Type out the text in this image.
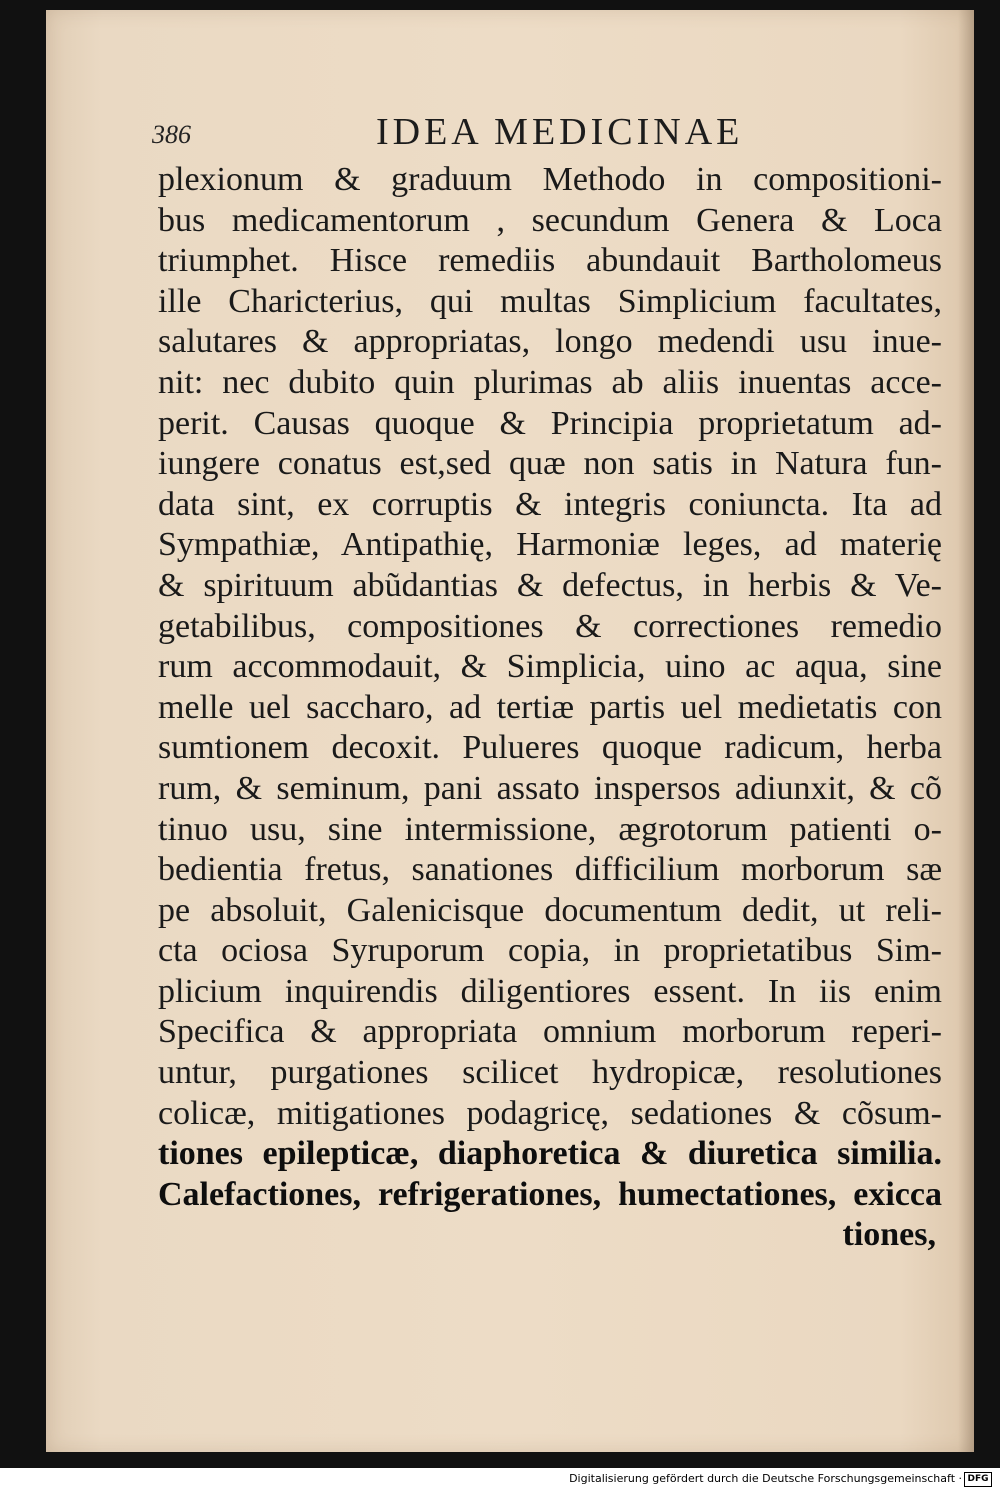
386	IDEA MEDICINAE
plexionum & graduum Methodo in compositioni-
bus medicamentorum , secundum Genera & Loca
triumphet. Hisce remediis abundauit Bartholomeus
ille Charicterius, qui multas Simplicium facultates,
salutares & appropriatas, longo medendi usu inue-
nit: nec dubito quin plurimas ab aliis inuentas acce-
perit. Causas quoque & Principia proprietatum ad-
iungere conatus est,sed quæ non satis in Natura fun-
data sint, ex corruptis & integris coniuncta. Ita ad
Sympathiæ, Antipathię, Harmoniæ leges, ad materię
& spirituum abũdantias & defectus, in herbis & Ve-
getabilibus, compositiones & correctiones remedio
rum accommodauit, & Simplicia, uino ac aqua, sine
melle uel saccharo, ad tertiæ partis uel medietatis con
sumtionem decoxit. Pulueres quoque radicum, herba
rum, & seminum, pani assato inspersos adiunxit, & cõ
tinuo usu, sine intermissione, ægrotorum patienti o-
bedientia fretus, sanationes difficilium morborum sæ
pe absoluit, Galenicisque documentum dedit, ut reli-
cta ociosa Syruporum copia, in proprietatibus Sim-
plicium inquirendis diligentiores essent. In iis enim
Specifica & appropriata omnium morborum reperi-
untur, purgationes scilicet hydropicæ, resolutiones
colicæ, mitigationes podagricę, sedationes & cõsum-
tiones epilepticæ, diaphoretica & diuretica similia.
Calefactiones, refrigerationes, humectationes, exicca
tiones,
Digitalisierung gefördert durch die Deutsche Forschungsgemeinschaft · DFG
